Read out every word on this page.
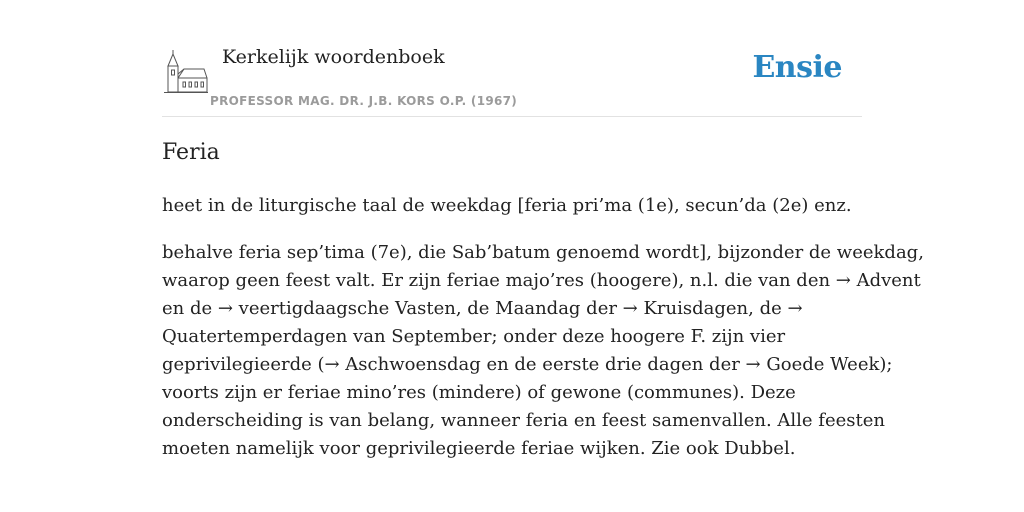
Kerkelijk woordenboek
PROFESSOR MAG. DR. J.B. KORS O.P. (1967)
Ensie
Feria

heet in de liturgische taal de weekdag [feria pri’ma (1e), secun’da (2e) enz.

behalve feria sep’tima (7e), die Sab’batum genoemd wordt], bijzonder de weekdag,
waarop geen feest valt. Er zijn feriae majo’res (hoogere), n.l. die van den → Advent
en de → veertigdaagsche Vasten, de Maandag der → Kruisdagen, de →
Quatertemperdagen van September; onder deze hoogere F. zijn vier
geprivilegieerde (→ Aschwoensdag en de eerste drie dagen der → Goede Week);
voorts zijn er feriae mino’res (mindere) of gewone (communes). Deze
onderscheiding is van belang, wanneer feria en feest samenvallen. Alle feesten
moeten namelijk voor geprivilegieerde feriae wijken. Zie ook Dubbel.
